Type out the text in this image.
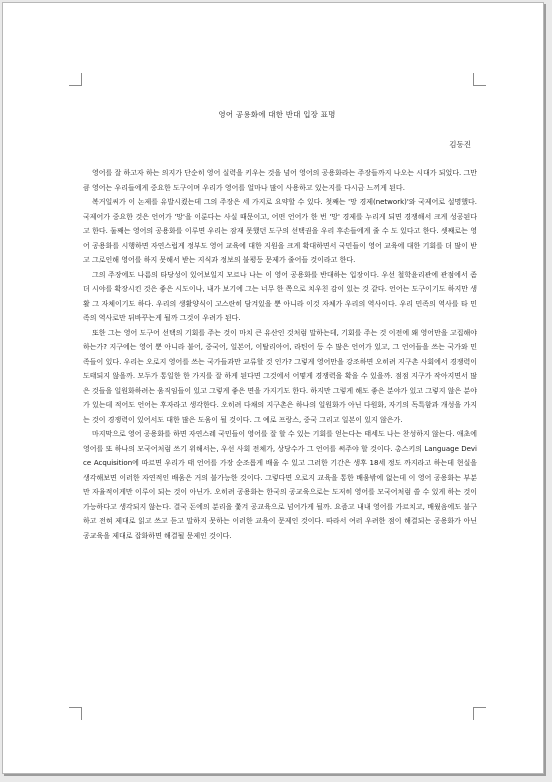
영어 공용화에 대한 반대 입장 표명
김동진

영어를 잘 하고자 하는 의지가 단순히 영어 실력을 키우는 것을 넘어 영어의 공용화라는 주장들까지 나오는 시대가 되었다. 그만큼 영어는 우리들에게 중요한 도구이며 우리가 영어를 얼마나 많이 사용하고 있는지를 다시금 느끼게 된다.

복거일씨가 이 논제를 유발시켰는데 그의 주장은 세 가지로 요약할 수 있다. 첫째는 '망 경제(network)'와 국제어로 설명했다. 국제어가 중요한 것은 언어가 '망'을 이룬다는 사실 때문이고, 어떤 언어가 한 번 '망' 경제를 누리게 되면 경쟁해서 크게 성공된다고 한다. 둘째는 영어의 공용화를 이루면 우리는 잠재 못했던 도구의 선택권을 우리 후손들에게 줄 수 도 있다고 한다. 셋째로는 영어 공용화를 시행하면 자연스럽게 정부도 영어 교육에 대한 지원을 크게 확대하면서 국민들이 영어 교육에 대한 기회를 더 많이 받고 그로인해 영어를 하지 못해서 받는 지식과 정보의 불평등 문제가 줄어들 것이라고 한다.

그의 주장에도 나름의 타당성이 있어보일지 모르나 나는 이 영어 공용화를 반대하는 입장이다. 우선 철학윤리관에 관점에서 좀 더 시야를 확장시킨 것은 좋은 시도이나, 내가 보기에 그는 너무 한 쪽으로 치우친 감이 있는 것 같다. 언어는 도구이기도 하지만 생활 그 자체이기도 하다. 우리의 생활양식이 고스란히 담겨있을 뿐 아니라 이것 자체가 우리의 역사이다. 우리 민족의 역사를 타 민족의 역사로만 뒤바꾸는게 될까 그것이 우려가 된다.

또한 그는 영어 도구어 선택의 기회를 주는 것이 마치 큰 유산인 것처럼 말하는데, 기회를 주는 것 이전에 왜 영어만을 고집해야 하는가? 지구에는 영어 뿐 아니라 불어, 중국어, 일본어, 이탈리아어, 라틴어 등 수 많은 언어가 있고, 그 언어들을 쓰는 국가와 민족들이 있다. 우리는 오로지 영어를 쓰는 국가들과만 교류할 것 인가? 그렇게 영어만을 강조하면 오히려 지구촌 사회에서 경쟁력이 도태되지 않을까. 모두가 통일한 한 가지를 잘 하게 된다면 그것에서 어떻게 경쟁력을 확을 수 있을까. 점점 지구가 작아지면서 많은 것들을 일원화하려는 움직임들이 있고 그렇게 좋은 면을 가지기도 한다. 하지만 그렇게 해도 좋은 분야가 있고 그렇지 않은 분야가 있는데 적어도 언어는 후자라고 생각한다. 오히려 다채의 지구촌은 하나의 일원화가 아닌 다원화, 자기의 독특함과 개성을 가지는 것이 경쟁력이 있어서도 대한 많은 도움이 될 것이다. 그 예로 프랑스, 중국 그리고 일본이 있지 않은가.

마지막으로 영어 공용화를 하면 자연스레 국민들이 영어를 잘 할 수 있는 기회를 얻는다는 태세도 나는 찬성하지 않는다. 애초에 영어를 또 하나의 모국어처럼 쓰기 위해서는, 우선 사회 전체가, 상당수가 그 언어를 써주야 할 것이다. 총스키의 Language Device Acquisition에 따르면 우리가 태 언어를 가장 순조롭게 배울 수 있고 그러한 기간은 생후 18세 정도 까지라고 하는데 현실을 생각해보면 이러한 자연적인 배움은 거의 불가능한 것이다. 그렇다면 오로지 교육을 통한 배움밖에 없는데 이 영어 공용화는 부분만 자율적이게만 이루이 되는 것이 아닌가. 오히려 공용화는 한국의 공교육으로는 도저히 영어를 모국어처럼 쓸 수 있게 하는 것이 가능하다고 생각되지 않는다. 결국 돈에의 분리을 쫓겨 공교육으로 넘어가게 될까. 요즘고 내내 영어를 가르치고, 배웠음에도 불구하고 전혀 제대로 읽고 쓰고 듣고 말하지 못하는 이러한 교육이 문제인 것이다. 따라서 여러 우려한 점이 해결되는 공용화가 아닌 공교육을 제대로 잡화하면 해결될 문제인 것이다.
